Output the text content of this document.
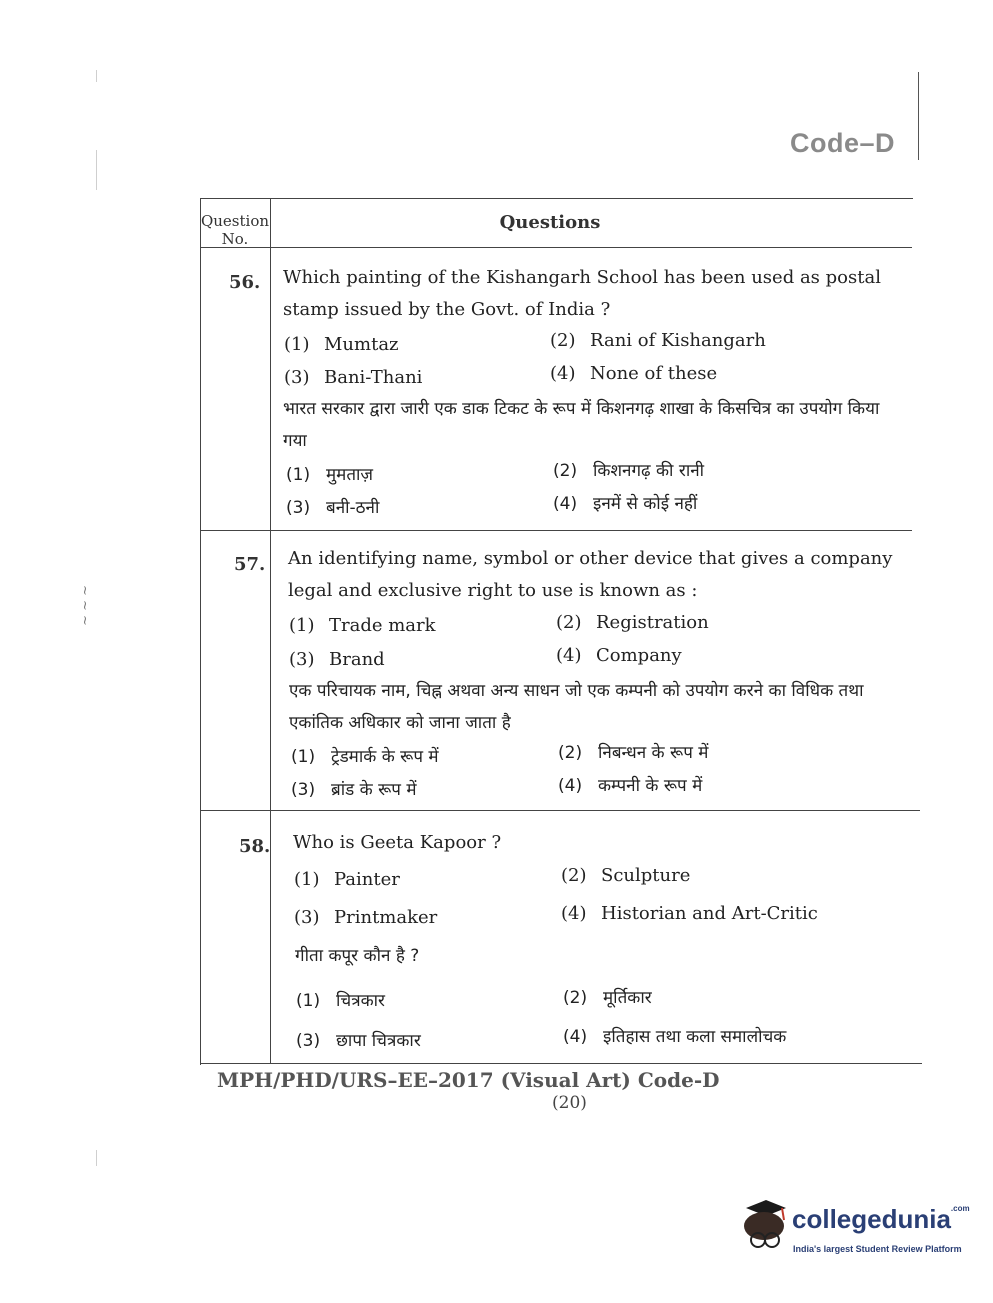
~ ~ ~
Code–D
Question No.
Questions
56. Which painting of the Kishangarh School has been used as postal stamp issued by the Govt. of India ?
(1) Mumtaz	(2) Rani of Kishangarh
(3) Bani-Thani	(4) None of these
भारत सरकार द्वारा जारी एक डाक टिकट के रूप में किशनगढ़ शाखा के किसचित्र का उपयोग किया गया
(1) मुमताज़	(2) किशनगढ़ की रानी
(3) बनी-ठनी	(4) इनमें से कोई नहीं
57. An identifying name, symbol or other device that gives a company legal and exclusive right to use is known as :
(1) Trade mark	(2) Registration
(3) Brand	(4) Company
एक परिचायक नाम, चिह्न अथवा अन्य साधन जो एक कम्पनी को उपयोग करने का विधिक तथा एकांतिक अधिकार को जाना जाता है
(1) ट्रेडमार्क के रूप में	(2) निबन्धन के रूप में
(3) ब्रांड के रूप में	(4) कम्पनी के रूप में
58. Who is Geeta Kapoor ?
(1) Painter	(2) Sculpture
(3) Printmaker	(4) Historian and Art-Critic
गीता कपूर कौन है ?
(1) चित्रकार	(2) मूर्तिकार
(3) छापा चित्रकार	(4) इतिहास तथा कला समालोचक
MPH/PHD/URS–EE–2017 (Visual Art) Code-D
(20)
collegedunia$^{.com}$
India's largest Student Review Platform
